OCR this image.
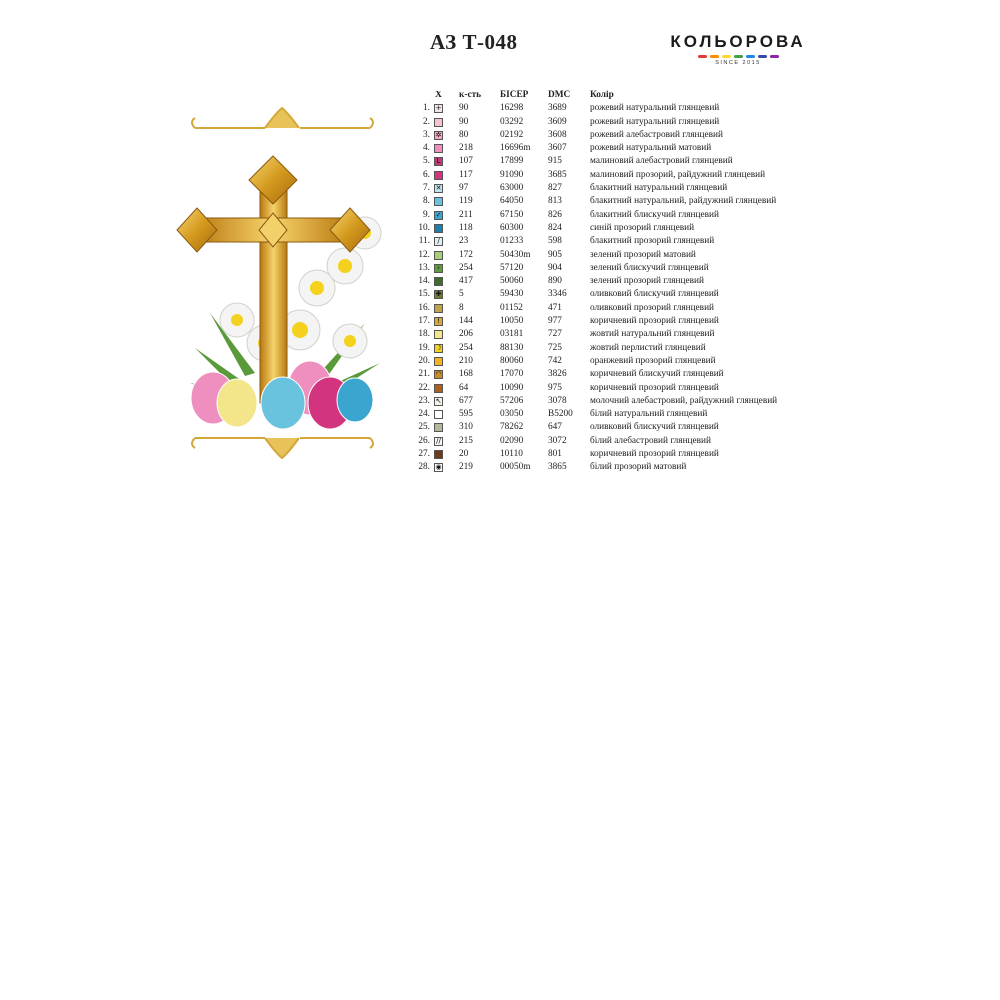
АЗ Т-048	КОЛЬОРОВА
SINCE 2015
Х к-сть БІСЕР DMC Колір
1. + 90	16298	3689	рожевий натуральний глянцевий
2.	90	03292	3609	рожевий натуральний глянцевий
3. ✲ 80	02192	3608	рожевий алебастровий глянцевий
4.	218	16696m 3607	рожевий натуральний матовий
5. L 107	17899	915	малиновий алебастровий глянцевий
6.	117	91090	3685	малиновий прозорий, райдужний глянцевий
7. ✕ 97	63000	827	блакитний натуральний глянцевий
8.	119	64050	813	блакитний натуральний, райдужний глянцевий
9. ✓ 211	67150	826	блакитний блискучий глянцевий
10.	118	60300	824	синій прозорий глянцевий
11.	/	23	01233	598	блакитний прозорий глянцевий
12.	172	50430m 905	зелений прозорий матовий
13.	›	254	57120	904	зелений блискучий глянцевий
14.	417	50060	890	зелений прозорий глянцевий
15. ✚ 5	59430	3346	оливковий блискучий глянцевий
16.	8	01152	471	оливковий прозорий глянцевий
17.	!	144	10050	977	коричневий прозорий глянцевий
18.	206	03181	727	жовтий натуральний глянцевий
19. ☽ 254	88130	725	жовтий перлистий глянцевий
20.	210	80060	742	оранжевий прозорий глянцевий
21. ◠ 168	17070	3826	коричневий блискучий глянцевий
22.	64	10090	975	коричневий прозорий глянцевий
23. ↖ 677	57206	3078	молочний алебастровий, райдужний глянцевий
24.	595	03050	B5200 білий натуральний глянцевий
25.	310	78262	647	оливковий блискучий глянцевий
26. // 215	02090	3072	білий алебастровий глянцевий
27.	20	10110	801	коричневий прозорий глянцевий
28. ◉ 219	00050m 3865	білий прозорий матовий
